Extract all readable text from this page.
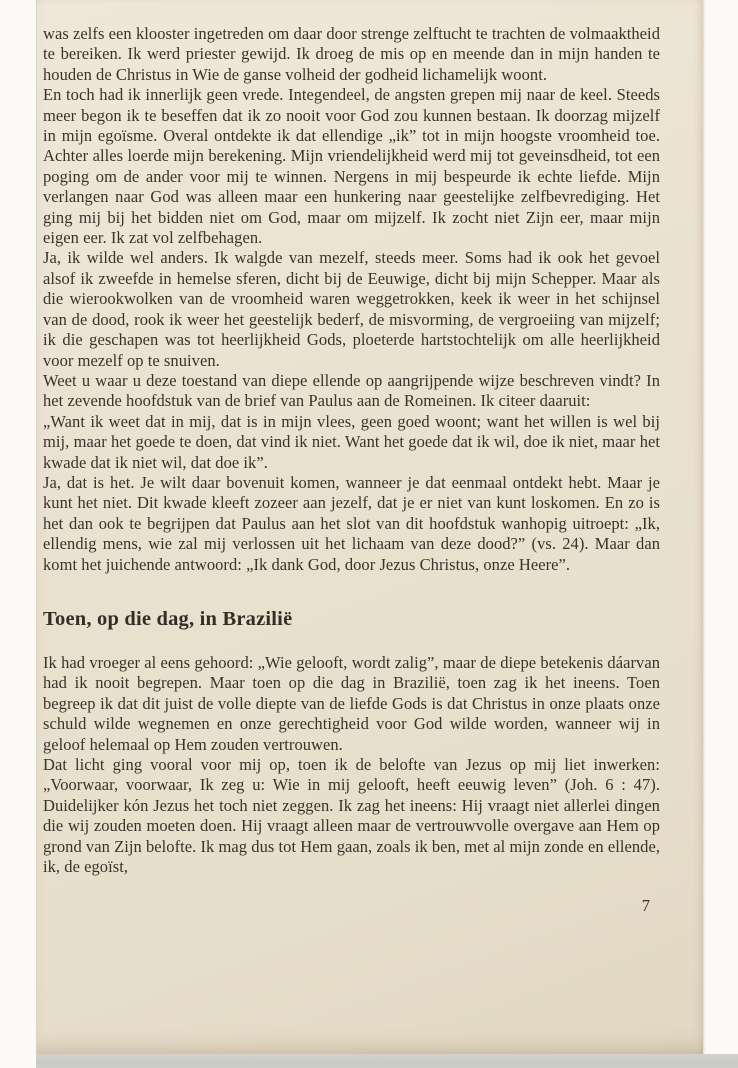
was zelfs een klooster ingetreden om daar door strenge zelftucht te trachten de volmaaktheid te bereiken. Ik werd priester gewijd. Ik droeg de mis op en meende dan in mijn handen te houden de Christus in Wie de ganse volheid der godheid lichamelijk woont.

En toch had ik innerlijk geen vrede. Integendeel, de angsten grepen mij naar de keel. Steeds meer begon ik te beseffen dat ik zo nooit voor God zou kunnen bestaan. Ik doorzag mijzelf in mijn egoïsme. Overal ontdekte ik dat ellendige „ik” tot in mijn hoogste vroomheid toe. Achter alles loerde mijn berekening. Mijn vriendelijkheid werd mij tot geveinsdheid, tot een poging om de ander voor mij te winnen. Nergens in mij bespeurde ik echte liefde. Mijn verlangen naar God was alleen maar een hunkering naar geestelijke zelfbevrediging. Het ging mij bij het bidden niet om God, maar om mijzelf. Ik zocht niet Zijn eer, maar mijn eigen eer. Ik zat vol zelfbehagen.

Ja, ik wilde wel anders. Ik walgde van mezelf, steeds meer. Soms had ik ook het gevoel alsof ik zweefde in hemelse sferen, dicht bij de Eeuwige, dicht bij mijn Schepper. Maar als die wierookwolken van de vroomheid waren weggetrokken, keek ik weer in het schijnsel van de dood, rook ik weer het geestelijk bederf, de misvorming, de vergroeiing van mijzelf; ik die geschapen was tot heerlijkheid Gods, ploeterde hartstochtelijk om alle heerlijkheid voor mezelf op te snuiven.

Weet u waar u deze toestand van diepe ellende op aangrijpende wijze beschreven vindt? In het zevende hoofdstuk van de brief van Paulus aan de Romeinen. Ik citeer daaruit:

„Want ik weet dat in mij, dat is in mijn vlees, geen goed woont; want het willen is wel bij mij, maar het goede te doen, dat vind ik niet. Want het goede dat ik wil, doe ik niet, maar het kwade dat ik niet wil, dat doe ik”.

Ja, dat is het. Je wilt daar bovenuit komen, wanneer je dat eenmaal ontdekt hebt. Maar je kunt het niet. Dit kwade kleeft zozeer aan jezelf, dat je er niet van kunt loskomen. En zo is het dan ook te begrijpen dat Paulus aan het slot van dit hoofdstuk wanhopig uitroept: „Ik, ellendig mens, wie zal mij verlossen uit het lichaam van deze dood?” (vs. 24). Maar dan komt het juichende antwoord: „Ik dank God, door Jezus Christus, onze Heere”.

Toen, op die dag, in Brazilië

Ik had vroeger al eens gehoord: „Wie gelooft, wordt zalig”, maar de diepe betekenis dáarvan had ik nooit begrepen. Maar toen op die dag in Brazilië, toen zag ik het ineens. Toen begreep ik dat dit juist de volle diepte van de liefde Gods is dat Christus in onze plaats onze schuld wilde wegnemen en onze gerechtigheid voor God wilde worden, wanneer wij in geloof helemaal op Hem zouden vertrouwen.

Dat licht ging vooral voor mij op, toen ik de belofte van Jezus op mij liet inwerken: „Voorwaar, voorwaar, Ik zeg u: Wie in mij gelooft, heeft eeuwig leven” (Joh. 6 : 47). Duidelijker kón Jezus het toch niet zeggen. Ik zag het ineens: Hij vraagt niet allerlei dingen die wij zouden moeten doen. Hij vraagt alleen maar de vertrouwvolle overgave aan Hem op grond van Zijn belofte. Ik mag dus tot Hem gaan, zoals ik ben, met al mijn zonde en ellende, ik, de egoïst,

7
